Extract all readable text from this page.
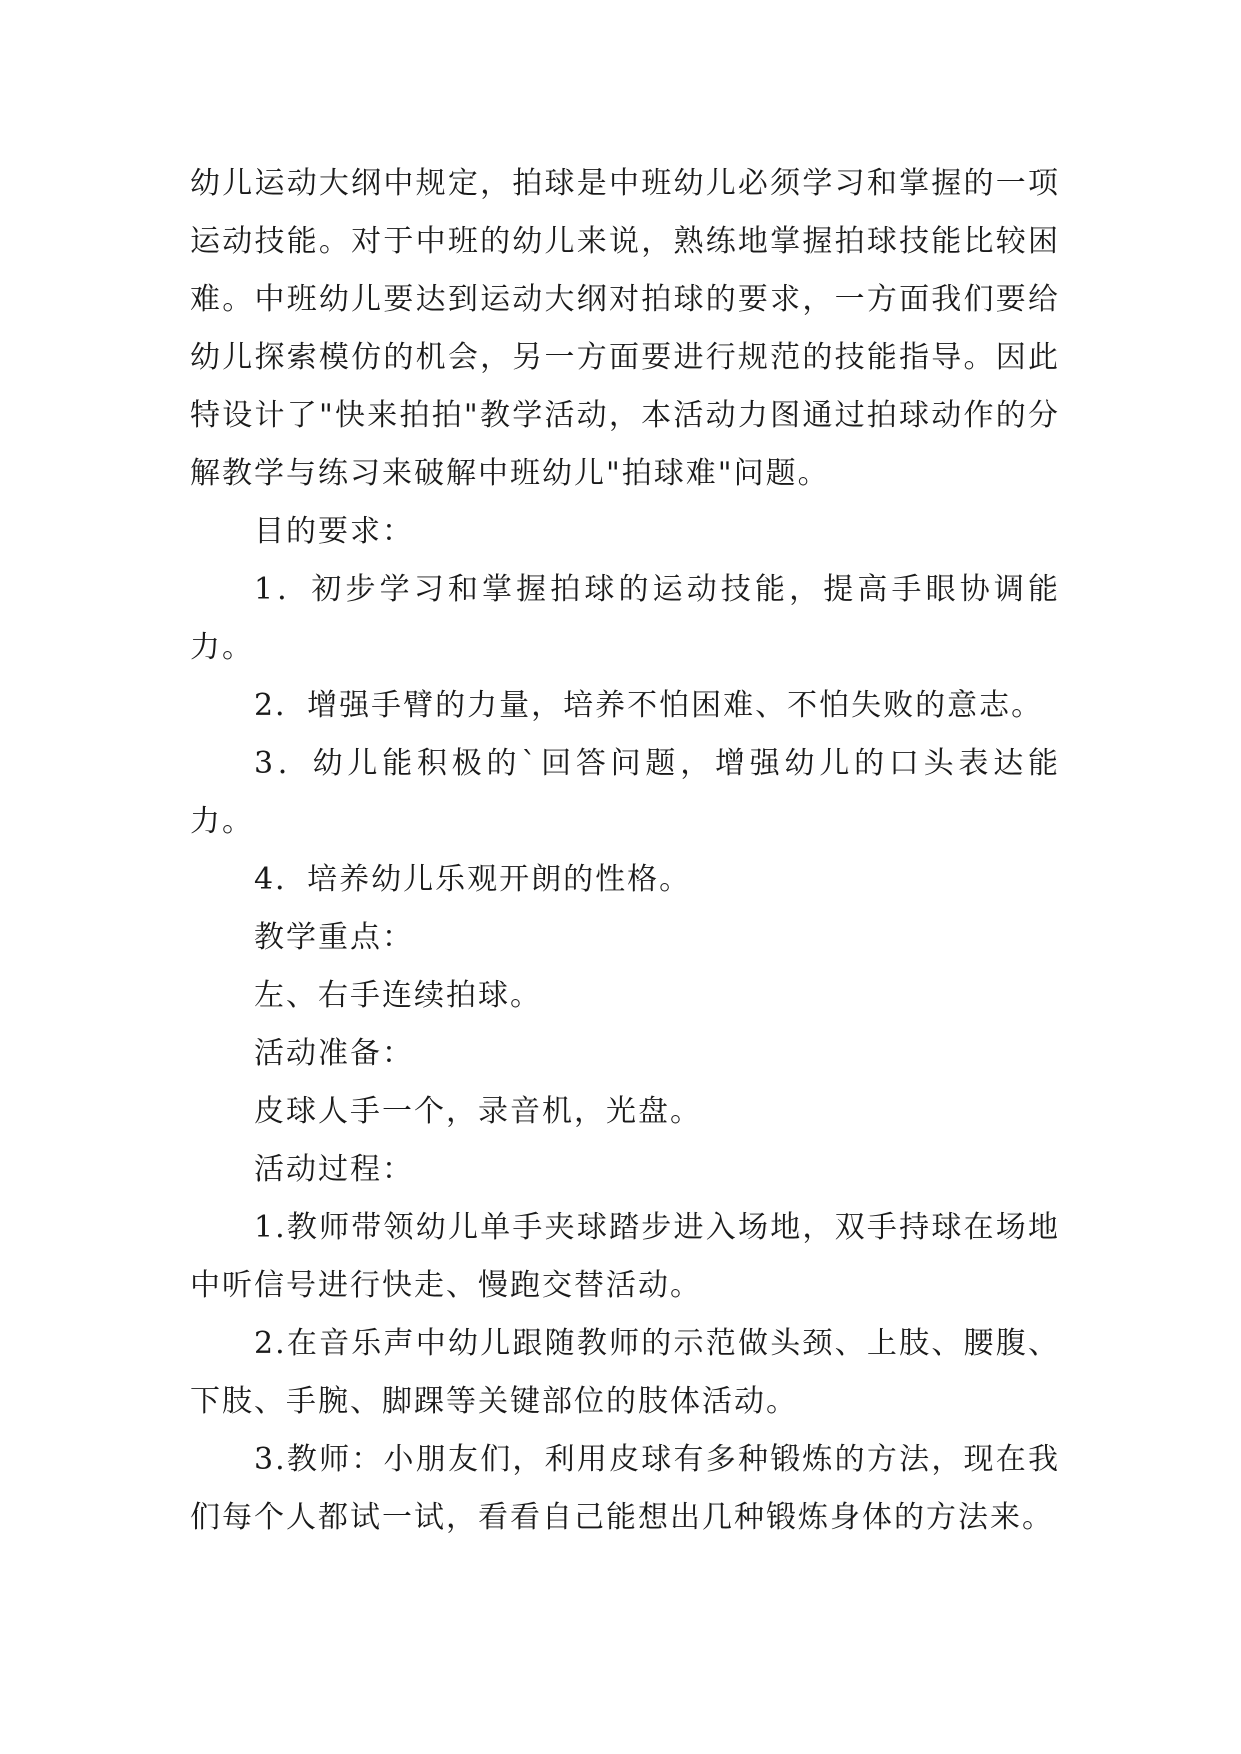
幼儿运动大纲中规定，拍球是中班幼儿必须学习和掌握的一项运动技能。对于中班的幼儿来说，熟练地掌握拍球技能比较困难。中班幼儿要达到运动大纲对拍球的要求，一方面我们要给幼儿探索模仿的机会，另一方面要进行规范的技能指导。因此特设计了"快来拍拍"教学活动，本活动力图通过拍球动作的分解教学与练习来破解中班幼儿"拍球难"问题。

目的要求：

1．初步学习和掌握拍球的运动技能，提高手眼协调能力。

2．增强手臂的力量，培养不怕困难、不怕失败的意志。

3．幼儿能积极的`回答问题，增强幼儿的口头表达能力。

4．培养幼儿乐观开朗的性格。

教学重点：

左、右手连续拍球。

活动准备：

皮球人手一个，录音机，光盘。

活动过程：

1.教师带领幼儿单手夹球踏步进入场地，双手持球在场地中听信号进行快走、慢跑交替活动。

2.在音乐声中幼儿跟随教师的示范做头颈、上肢、腰腹、下肢、手腕、脚踝等关键部位的肢体活动。

3.教师：小朋友们，利用皮球有多种锻炼的方法，现在我们每个人都试一试，看看自己能想出几种锻炼身体的方法来。
